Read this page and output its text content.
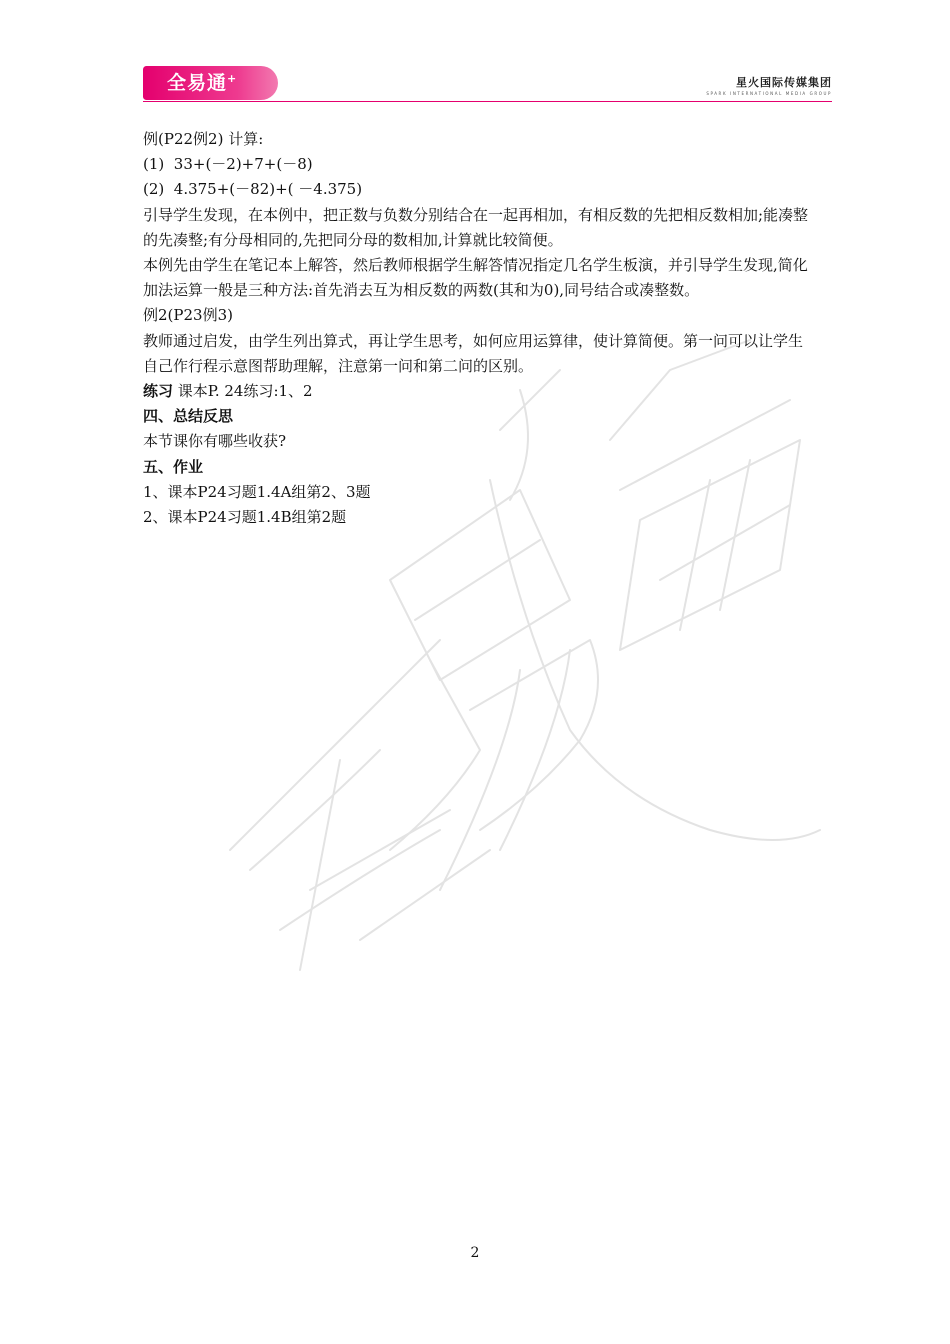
全易通+	星火国际传媒集团
SPARK INTERNATIONAL MEDIA GROUP

例(P22例2) 计算:

(1)  33+(－2)+7+(－8)

(2)  4.375+(－82)+( －4.375)

引导学生发现，在本例中，把正数与负数分别结合在一起再相加，有相反数的先把相反数相加;能凑整的先凑整;有分母相同的,先把同分母的数相加,计算就比较简便。

本例先由学生在笔记本上解答，然后教师根据学生解答情况指定几名学生板演，并引导学生发现,简化加法运算一般是三种方法:首先消去互为相反数的两数(其和为0),同号结合或凑整数。

例2(P23例3)

教师通过启发，由学生列出算式，再让学生思考，如何应用运算律，使计算简便。第一问可以让学生自己作行程示意图帮助理解，注意第一问和第二问的区别。

练习 课本P. 24练习:1、2

四、总结反思

本节课你有哪些收获?

五、作业

1、课本P24习题1.4A组第2、3题

2、课本P24习题1.4B组第2题

2
